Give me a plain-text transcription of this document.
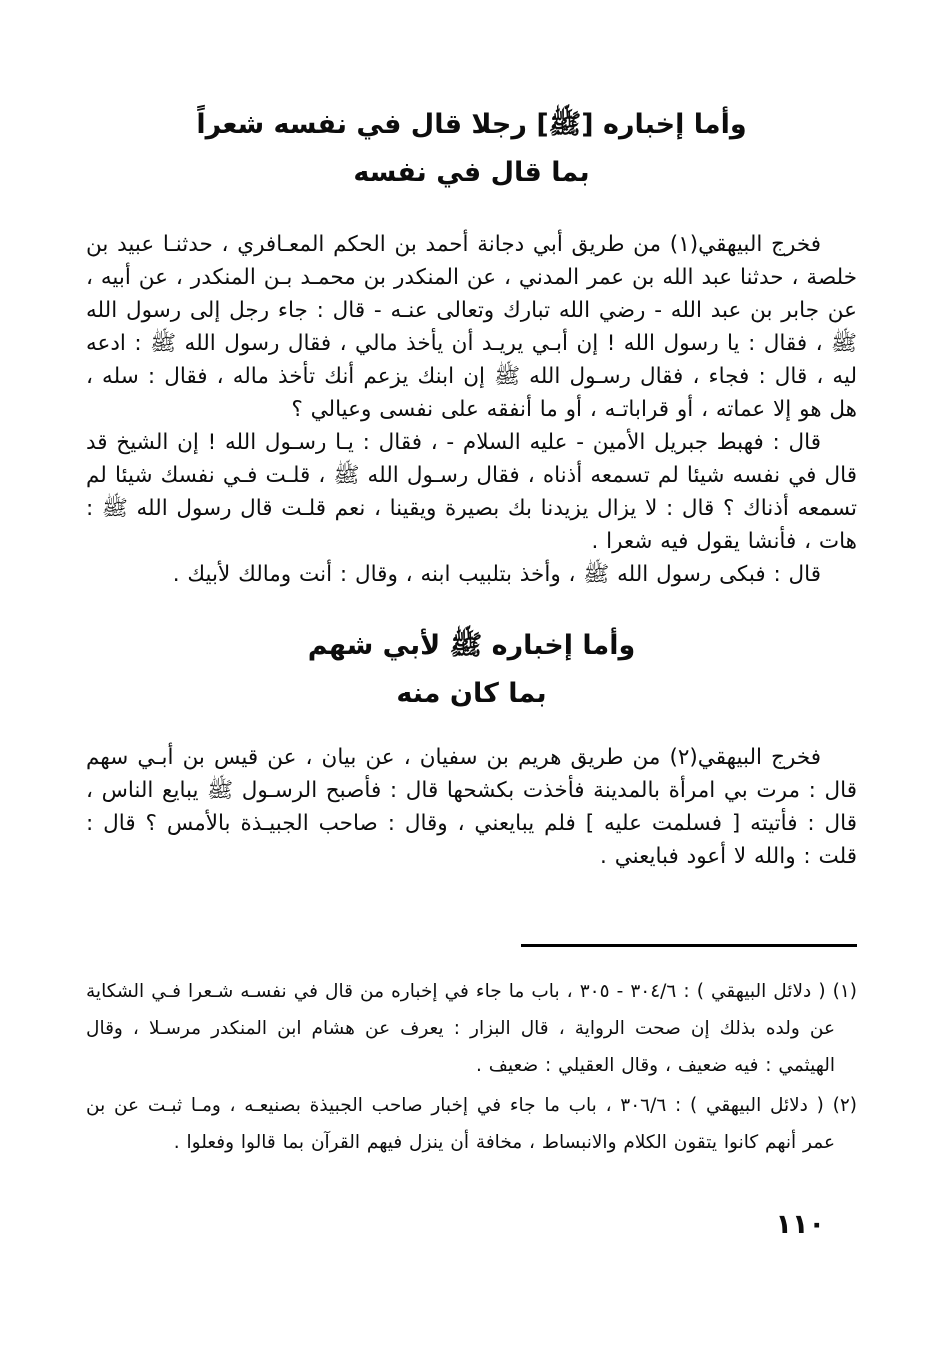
وأما إخباره [ﷺ] رجلا قال في نفسه شعراً
بما قال في نفسه

فخرج البيهقي(١) من طريق أبي دجانة أحمد بن الحكم المعـافري ، حدثنـا عبيد بن خلصة ، حدثنا عبد الله بن عمر المدني ، عن المنكدر بن محمـد بـن المنكدر ، عن أبيه ، عن جابر بن عبد الله - رضي الله تبارك وتعالى عنـه - قال : جاء رجل إلى رسول الله ﷺ ، فقال : يا رسول الله ! إن أبـي يريـد أن يأخذ مالي ، فقال رسول الله ﷺ : ادعه ليه ، قال : فجاء ، فقال رسـول الله ﷺ إن ابنك يزعم أنك تأخذ ماله ، فقال : سله ، هل هو إلا عماته ، أو قراباتـه ، أو ما أنفقه على نفسى وعيالي ؟

قال : فهبط جبريل الأمين - عليه السلام - ، فقال : يـا رسـول الله ! إن الشيخ قد قال في نفسه شيئا لم تسمعه أذناه ، فقال رسـول الله ﷺ ، قلـت فـي نفسك شيئا لم تسمعه أذناك ؟ قال : لا يزال يزيدنا بك بصيرة ويقينا ، نعم قلـت قال رسول الله ﷺ : هات ، فأنشا يقول فيه شعرا .

قال : فبكى رسول الله ﷺ ، وأخذ بتلبيب ابنه ، وقال : أنت ومالك لأبيك .

وأما إخباره ﷺ لأبي شهم
بما كان منه

فخرج البيهقي(٢) من طريق هريم بن سفيان ، عن بيان ، عن قيس بن أبـي سهم قال : مرت بي امرأة بالمدينة فأخذت بكشحها قال : فأصبح الرسـول ﷺ يبايع الناس ، قال : فأتيته [ فسلمت عليه ] فلم يبايعني ، وقال : صاحب الجبيـذة بالأمس ؟ قال : قلت : والله لا أعود فبايعني .

(١) ( دلائل البيهقي ) : ٣٠٤/٦ - ٣٠٥ ، باب ما جاء في إخباره من قال في نفسـه شـعرا فـي الشكاية عن ولده بذلك إن صحت الرواية ، قال البزار : يعرف عن هشام ابن المنكدر مرسـلا ، وقال الهيثمي : فيه ضعيف ، وقال العقيلي : ضعيف .

(٢) ( دلائل البيهقي ) : ٣٠٦/٦ ، باب ما جاء في إخبار صاحب الجبيذة بصنيعـه ، ومـا ثبـت عن بن عمر أنهم كانوا يتقون الكلام والانبساط ، مخافة أن ينزل فيهم القرآن بما قالوا وفعلوا .

١١٠
